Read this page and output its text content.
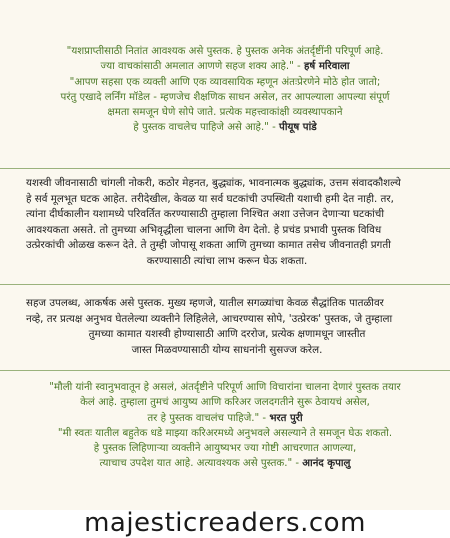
"यशप्राप्तीसाठी नितांत आवश्यक असे पुस्तक. हे पुस्तक अनेक अंतर्दृष्टींनी परिपूर्ण आहे.
ज्या वाचकांसाठी अमलात आणणे सहज शक्य आहे." - हर्ष मरिवाला
"आपण सहसा एक व्यक्ती आणि एक व्यावसायिक म्हणून अंतःप्रेरणेने मोठे होत जातो;
परंतु एखादे लर्निंग मॉडेल - म्हणजेच शैक्षणिक साधन असेल, तर आपल्याला आपल्या संपूर्ण
क्षमता समजून घेणे सोपे जाते. प्रत्येक महत्त्वाकांक्षी व्यवस्थापकाने
हे पुस्तक वाचलेच पाहिजे असे आहे." - पीयूष पांडे
यशस्वी जीवनासाठी चांगली नोकरी, कठोर मेहनत, बुद्ध्यांक, भावनात्मक बुद्ध्यांक, उत्तम संवादकौशल्ये
हे सर्व मूलभूत घटक आहेत. तरीदेखील, केवळ या सर्व घटकांची उपस्थिती यशाची हमी देत नाही. तर,
त्यांना दीर्घकालीन यशामध्ये परिवर्तित करण्यासाठी तुम्हाला निश्चित अशा उत्तेजन देणाऱ्या घटकांची
आवश्यकता असते. तो तुमच्या अभिवृद्धीला चालना आणि वेग देतो. हे प्रचंड प्रभावी पुस्तक विविध
उत्प्रेरकांची ओळख करून देते. ते तुम्ही जोपासू शकता आणि तुमच्या कामात तसेच जीवनातही प्रगती
करण्यासाठी त्यांचा लाभ करून घेऊ शकता.
सहज उपलब्ध, आकर्षक असे पुस्तक. मुख्य म्हणजे, यातील सगळ्यांचा केवळ सैद्धांतिक पातळीवर
नव्हे, तर प्रत्यक्ष अनुभव घेतलेल्या व्यक्तीने लिहिलेले, आचरण्यास सोपे, 'उत्प्रेरक' पुस्तक, जे तुम्हाला
तुमच्या कामात यशस्वी होण्यासाठी आणि दररोज, प्रत्येक क्षणामधून जास्तीत
जास्त मिळवण्यासाठी योग्य साधनांनी सुसज्ज करेल.
"मौली यांनी स्वानुभवातून हे असलं, अंतर्दृष्टीने परिपूर्ण आणि विचारांना चालना देणारं पुस्तक तयार
केलं आहे. तुम्हाला तुमचं आयुष्य आणि करिअर जलदगतीने सुरू ठेवायचं असेल,
तर हे पुस्तक वाचलंच पाहिजे." - भरत पुरी
"मी स्वतः यातील बहुतेक धडे माझ्या करिअरमध्ये अनुभवले असल्याने ते समजून घेऊ शकतो.
हे पुस्तक लिहिणाऱ्या व्यक्तीने आयुष्यभर ज्या गोष्टी आचरणात आणल्या,
त्याचाच उपदेश यात आहे. अत्यावश्यक असे पुस्तक." - आनंद कृपालु
majesticreaders.com
